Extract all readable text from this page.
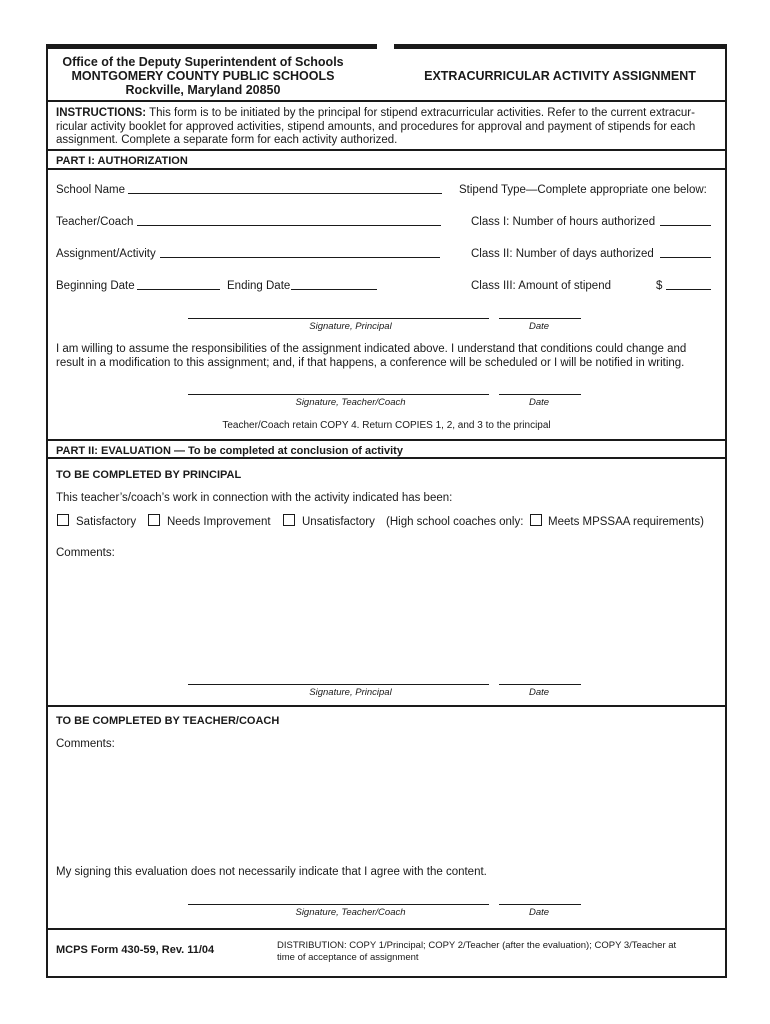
Office of the Deputy Superintendent of Schools
MONTGOMERY COUNTY PUBLIC SCHOOLS
Rockville, Maryland 20850
EXTRACURRICULAR ACTIVITY ASSIGNMENT
INSTRUCTIONS: This form is to be initiated by the principal for stipend extracurricular activities. Refer to the current extracur-
ricular activity booklet for approved activities, stipend amounts, and procedures for approval and payment of stipends for each
assignment. Complete a separate form for each activity authorized.
PART I: AUTHORIZATION
School Name	Stipend Type—Complete appropriate one below:
Teacher/Coach	Class I: Number of hours authorized
Assignment/Activity	Class II: Number of days authorized
Beginning Date	Ending Date	Class III: Amount of stipend	$
Signature, Principal	Date
I am willing to assume the responsibilities of the assignment indicated above. I understand that conditions could change and
result in a modification to this assignment; and, if that happens, a conference will be scheduled or I will be notified in writing.
Signature, Teacher/Coach	Date
Teacher/Coach retain COPY 4. Return COPIES 1, 2, and 3 to the principal
PART II: EVALUATION — To be completed at conclusion of activity
TO BE COMPLETED BY PRINCIPAL
This teacher’s/coach’s work in connection with the activity indicated has been:
Satisfactory	Needs Improvement	Unsatisfactory (High school coaches only: Meets MPSSAA requirements)
Comments:
Signature, Principal	Date
TO BE COMPLETED BY TEACHER/COACH
Comments:
My signing this evaluation does not necessarily indicate that I agree with the content.
Signature, Teacher/Coach	Date
MCPS Form 430-59, Rev. 11/04	DISTRIBUTION: COPY 1/Principal; COPY 2/Teacher (after the evaluation); COPY 3/Teacher at
time of acceptance of assignment
